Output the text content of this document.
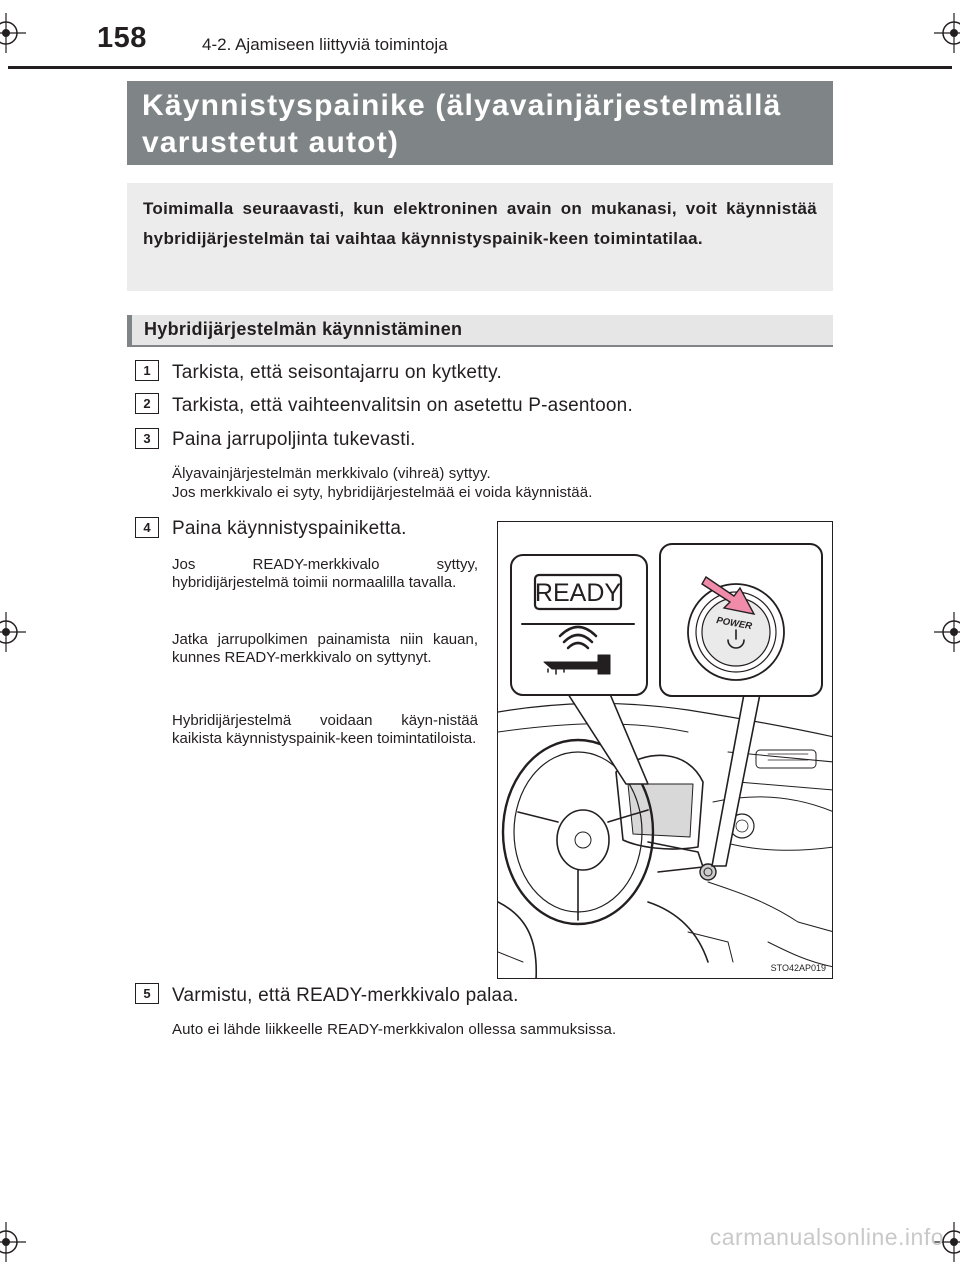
158	4-2. Ajamiseen liittyviä toimintoja
Käynnistyspainike (älyavainjärjestelmällä varustetut autot)
Toimimalla seuraavasti, kun elektroninen avain on mukanasi, voit käynnistää hybridijärjestelmän tai vaihtaa käynnistyspainik-keen toimintatilaa.
Hybridijärjestelmän käynnistäminen
1	Tarkista, että seisontajarru on kytketty.
2	Tarkista, että vaihteenvalitsin on asetettu P-asentoon.
3	Paina jarrupoljinta tukevasti.
Älyavainjärjestelmän merkkivalo (vihreä) syttyy.
Jos merkkivalo ei syty, hybridijärjestelmää ei voida käynnistää.
4	Paina käynnistyspainiketta.
Jos READY-merkkivalo syttyy, hybridijärjestelmä toimii normaalilla tavalla.
Jatka jarrupolkimen painamista niin kauan, kunnes READY-merkkivalo on syttynyt.
Hybridijärjestelmä voidaan käyn-nistää kaikista käynnistyspainik-keen toimintatiloista.
READY
POWER
STO42AP019
5	Varmistu, että READY-merkkivalo palaa.
Auto ei lähde liikkeelle READY-merkkivalon ollessa sammuksissa.
carmanualsonline.info
